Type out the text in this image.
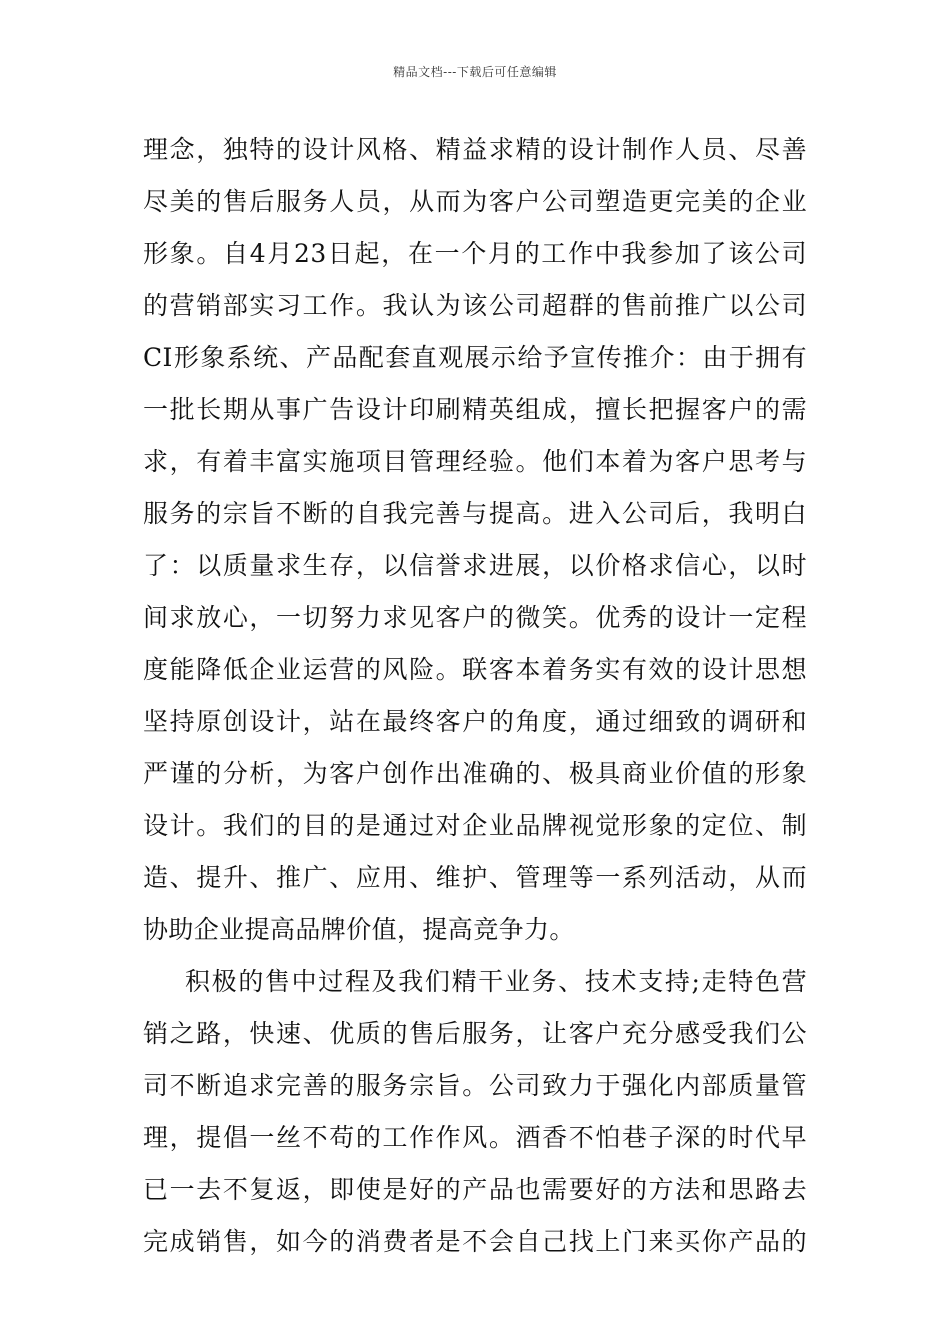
精品文档---下载后可任意编辑
理念，独特的设计风格、精益求精的设计制作人员、尽善
尽美的售后服务人员，从而为客户公司塑造更完美的企业
形象。自4月23日起，在一个月的工作中我参加了该公司
的营销部实习工作。我认为该公司超群的售前推广以公司
CI形象系统、产品配套直观展示给予宣传推介：由于拥有
一批长期从事广告设计印刷精英组成，擅长把握客户的需
求，有着丰富实施项目管理经验。他们本着为客户思考与
服务的宗旨不断的自我完善与提高。进入公司后，我明白
了：以质量求生存，以信誉求进展，以价格求信心，以时
间求放心，一切努力求见客户的微笑。优秀的设计一定程
度能降低企业运营的风险。联客本着务实有效的设计思想
坚持原创设计，站在最终客户的角度，通过细致的调研和
严谨的分析，为客户创作出准确的、极具商业价值的形象
设计。我们的目的是通过对企业品牌视觉形象的定位、制
造、提升、推广、应用、维护、管理等一系列活动，从而
协助企业提高品牌价值，提高竞争力。
积极的售中过程及我们精干业务、技术支持;走特色营
销之路，快速、优质的售后服务，让客户充分感受我们公
司不断追求完善的服务宗旨。公司致力于强化内部质量管
理，提倡一丝不苟的工作作风。酒香不怕巷子深的时代早
已一去不复返，即使是好的产品也需要好的方法和思路去
完成销售，如今的消费者是不会自己找上门来买你产品的
